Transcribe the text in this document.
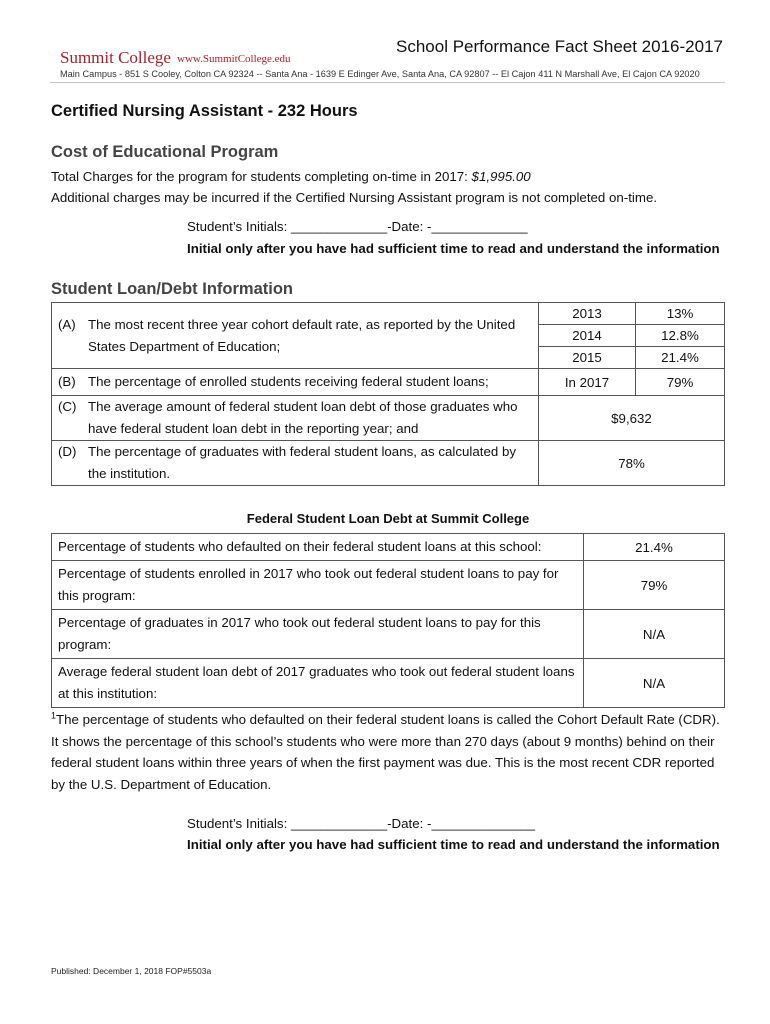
School Performance Fact Sheet 2016-2017
Summit College www.SummitCollege.edu
Main Campus - 851 S Cooley, Colton CA 92324 -- Santa Ana - 1639 E Edinger Ave, Santa Ana, CA 92807 -- El Cajon 411 N Marshall Ave, El Cajon CA 92020
Certified Nursing Assistant - 232 Hours
Cost of Educational Program
Total Charges for the program for students completing on-time in 2017: $1,995.00
Additional charges may be incurred if the Certified Nursing Assistant program is not completed on-time.
Student’s Initials: _____________-Date: -_____________
Initial only after you have had sufficient time to read and understand the information
Student Loan/Debt Information
(A) The most recent three year cohort default rate, as reported by the United States Department of Education;	2013	13%
	2014	12.8%
	2015	21.4%

(B) The percentage of enrolled students receiving federal student loans;	In 2017	79%

(C) The average amount of federal student loan debt of those graduates who have federal student loan debt in the reporting year; and	$9,632	

(D) The percentage of graduates with federal student loans, as calculated by the institution.	78%	
Federal Student Loan Debt at Summit College
Percentage of students who defaulted on their federal student loans at this school:	21.4%
Percentage of students enrolled in 2017 who took out federal student loans to pay for this program:	79%
Percentage of graduates in 2017 who took out federal student loans to pay for this program:	N/A
Average federal student loan debt of 2017 graduates who took out federal student loans at this institution:	N/A
$^1$The percentage of students who defaulted on their federal student loans is called the Cohort Default Rate (CDR). It shows the percentage of this school’s students who were more than 270 days (about 9 months) behind on their federal student loans within three years of when the first payment was due. This is the most recent CDR reported by the U.S. Department of Education.
Student’s Initials: _____________-Date: -______________
Initial only after you have had sufficient time to read and understand the information
Published: December 1, 2018 FOP#5503a
